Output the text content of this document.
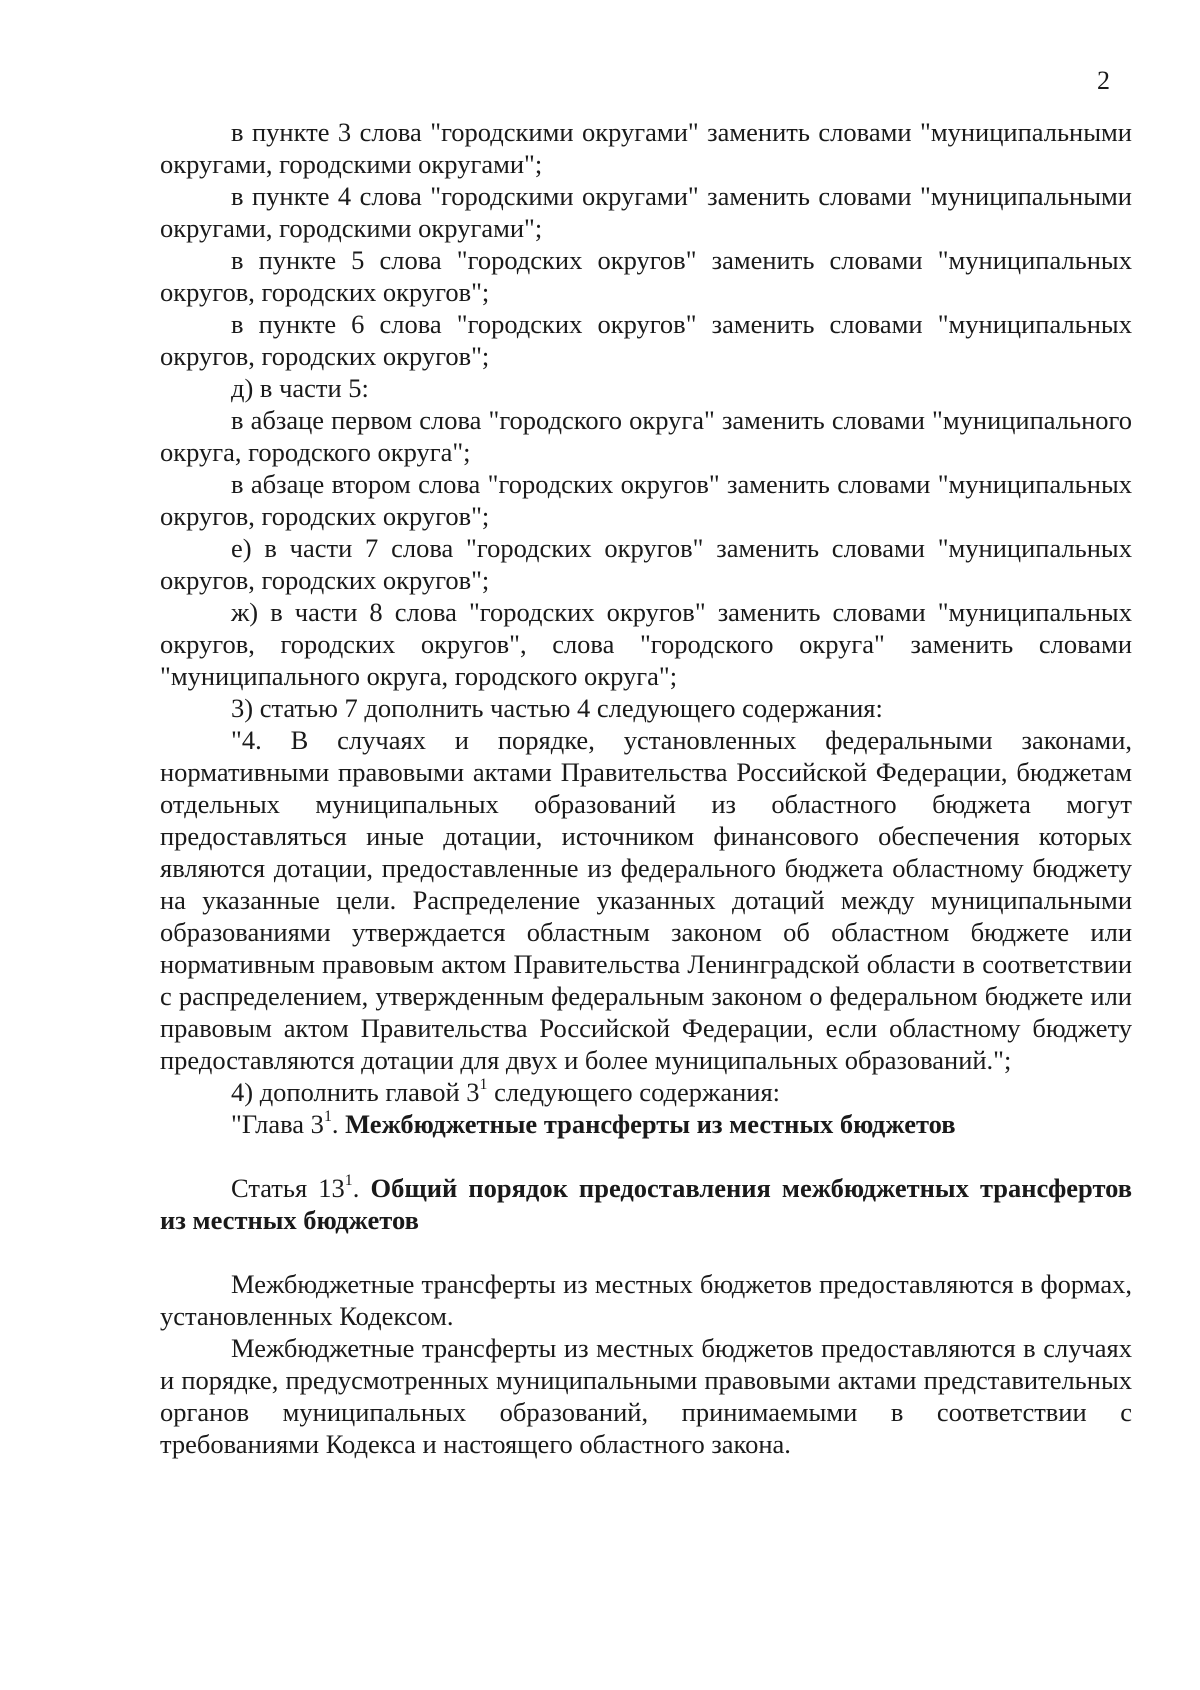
2

в пункте 3 слова "городскими округами" заменить словами "муниципальными округами, городскими округами";

в пункте 4 слова "городскими округами" заменить словами "муниципальными округами, городскими округами";

в пункте 5 слова "городских округов" заменить словами "муниципальных округов, городских округов";

в пункте 6 слова "городских округов" заменить словами "муниципальных округов, городских округов";

д) в части 5:

в абзаце первом слова "городского округа" заменить словами "муниципального округа, городского округа";

в абзаце втором слова "городских округов" заменить словами "муниципальных округов, городских округов";

е) в части 7 слова "городских округов" заменить словами "муниципальных округов, городских округов";

ж) в части 8 слова "городских округов" заменить словами "муниципальных округов, городских округов", слова "городского округа" заменить словами "муниципального округа, городского округа";

3) статью 7 дополнить частью 4 следующего содержания:

"4. В случаях и порядке, установленных федеральными законами, нормативными правовыми актами Правительства Российской Федерации, бюджетам отдельных муниципальных образований из областного бюджета могут предоставляться иные дотации, источником финансового обеспечения которых являются дотации, предоставленные из федерального бюджета областному бюджету на указанные цели. Распределение указанных дотаций между муниципальными образованиями утверждается областным законом об областном бюджете или нормативным правовым актом Правительства Ленинградской области в соответствии с распределением, утвержденным федеральным законом о федеральном бюджете или правовым актом Правительства Российской Федерации, если областному бюджету предоставляются дотации для двух и более муниципальных образований.";

4) дополнить главой $3^1$ следующего содержания:

"Глава $3^1$. Межбюджетные трансферты из местных бюджетов

Статья $13^1$. Общий порядок предоставления межбюджетных трансфертов из местных бюджетов

Межбюджетные трансферты из местных бюджетов предоставляются в формах, установленных Кодексом.

Межбюджетные трансферты из местных бюджетов предоставляются в случаях и порядке, предусмотренных муниципальными правовыми актами представительных органов муниципальных образований, принимаемыми в соответствии с требованиями Кодекса и настоящего областного закона.
